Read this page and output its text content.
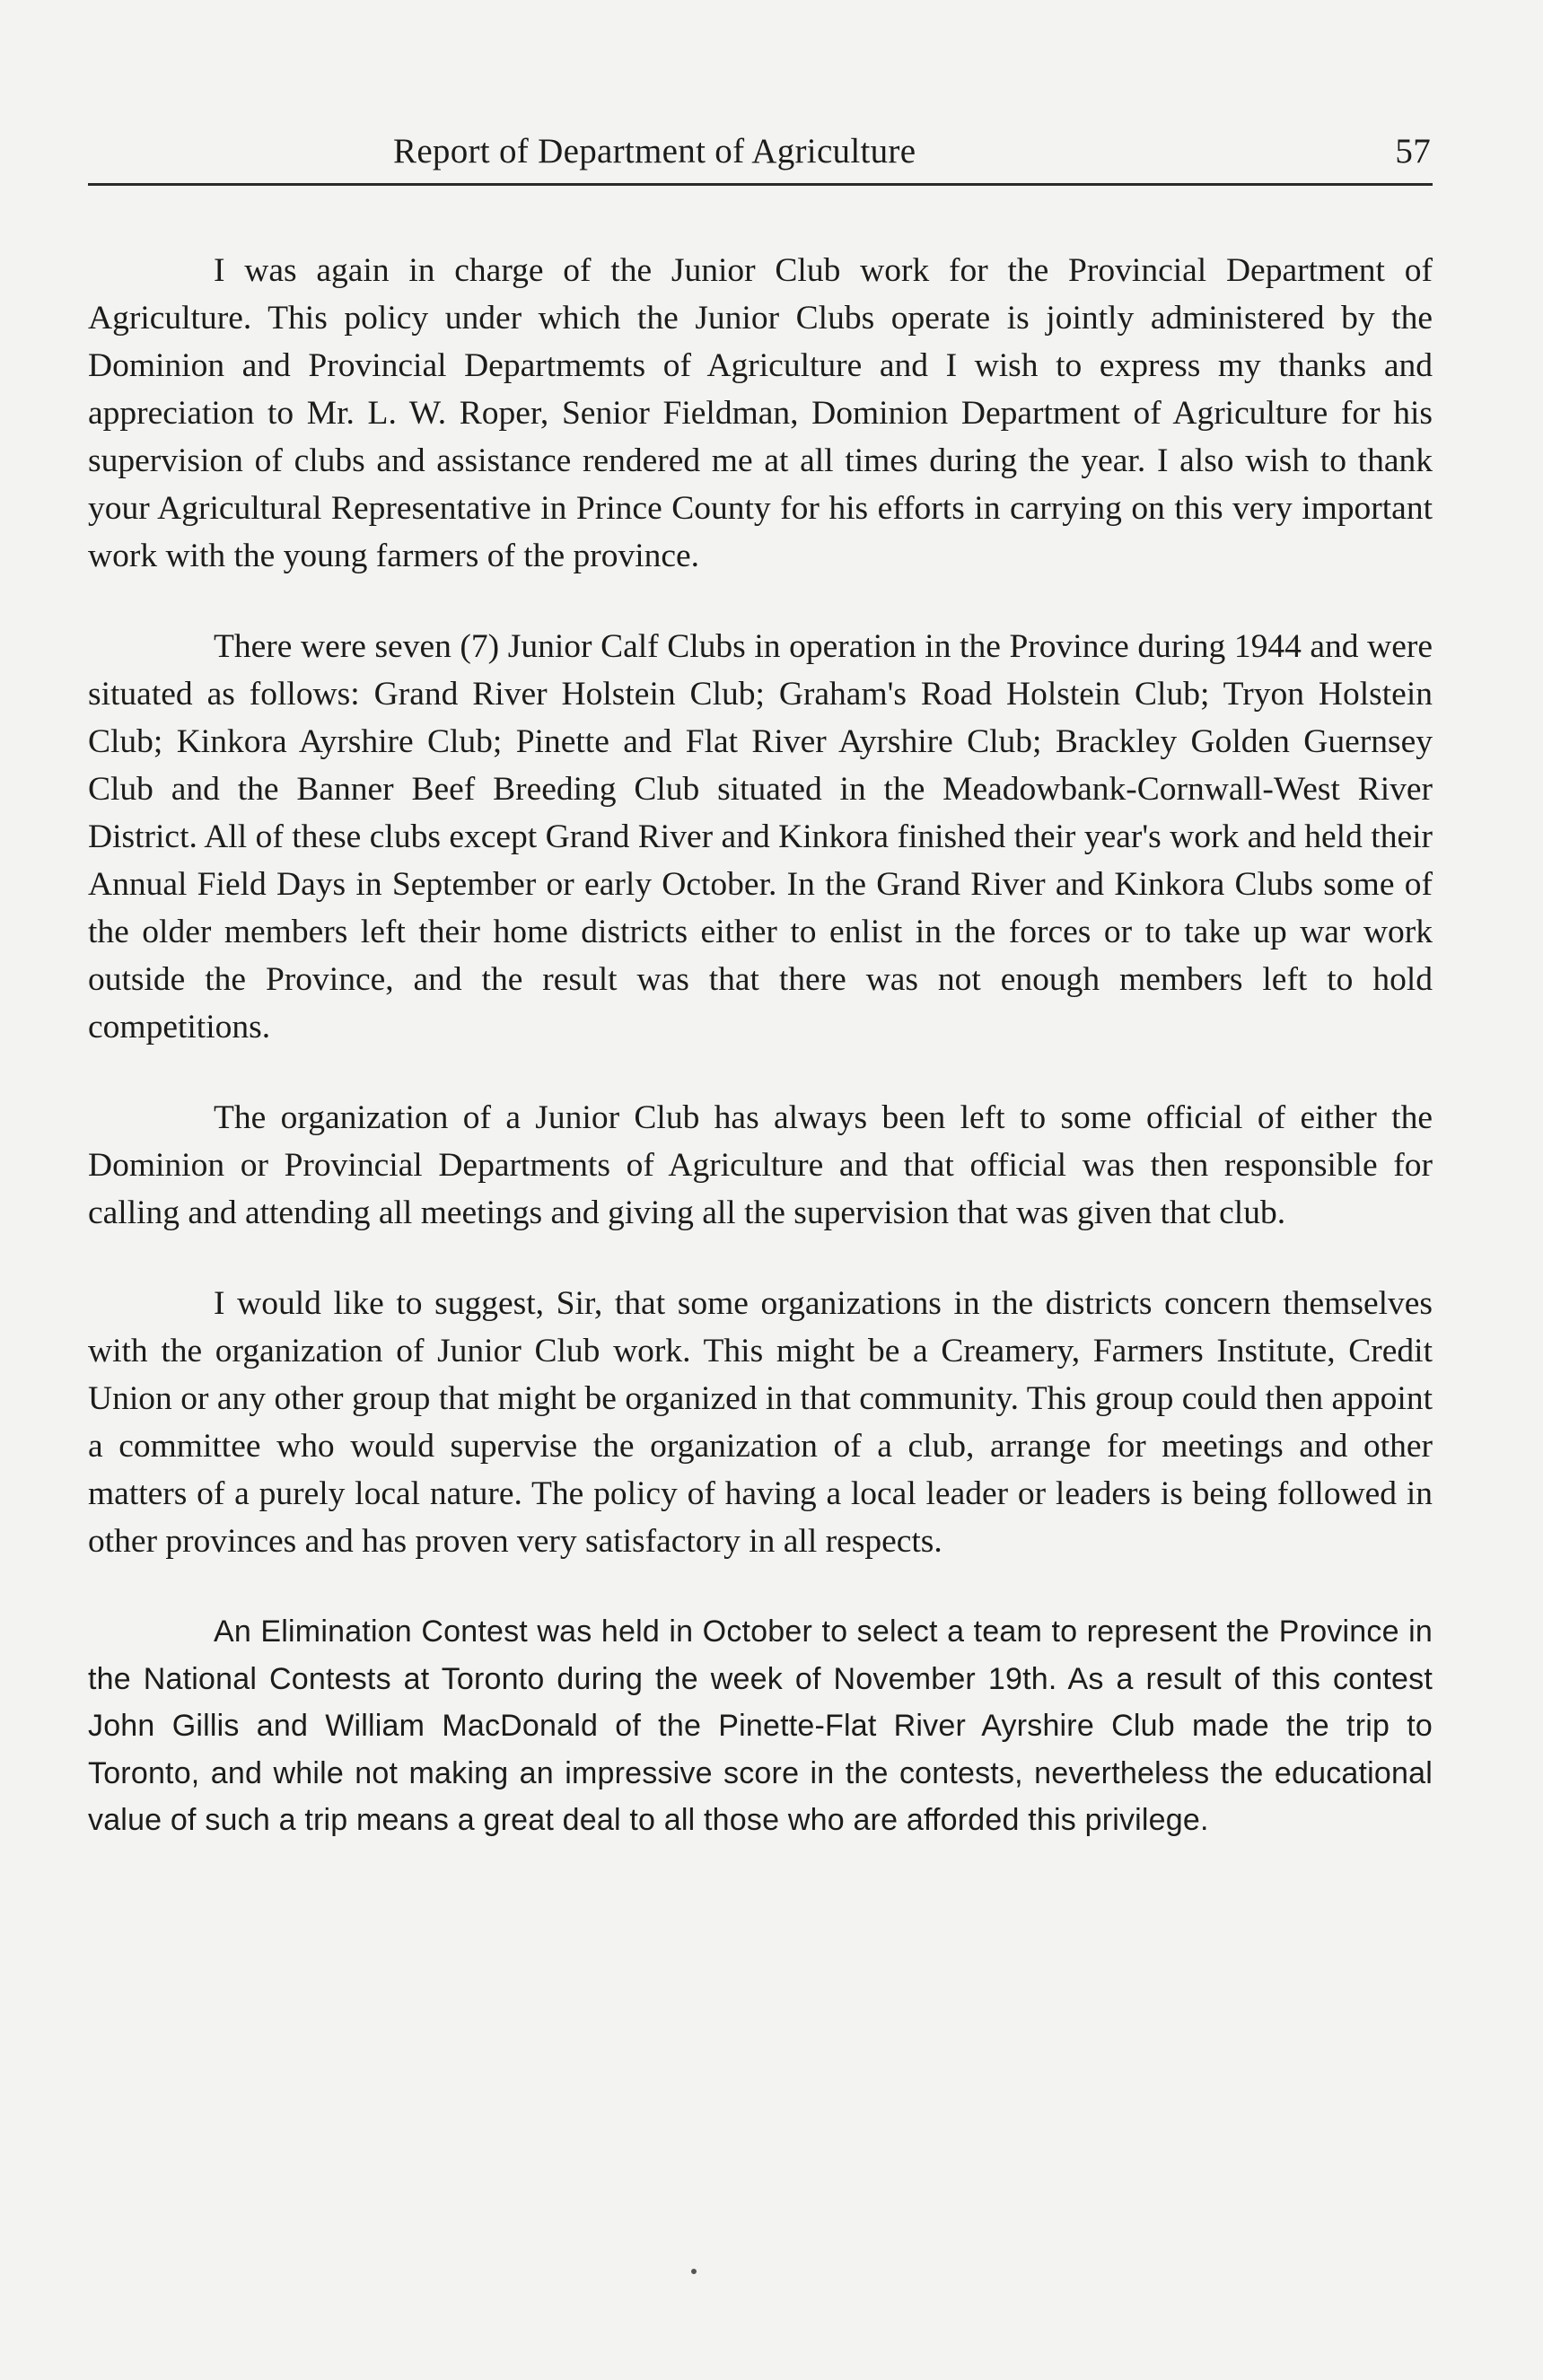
Report of Department of Agriculture	57

I was again in charge of the Junior Club work for the Provincial Department of Agriculture. This policy under which the Junior Clubs operate is jointly administered by the Dominion and Provincial Departmemts of Agriculture and I wish to express my thanks and appreciation to Mr. L. W. Roper, Senior Fieldman, Dominion Department of Agriculture for his supervision of clubs and assistance rendered me at all times during the year. I also wish to thank your Agricultural Representative in Prince County for his efforts in carrying on this very important work with the young farmers of the province.

There were seven (7) Junior Calf Clubs in operation in the Province during 1944 and were situated as follows: Grand River Holstein Club; Graham's Road Holstein Club; Tryon Holstein Club; Kinkora Ayrshire Club; Pinette and Flat River Ayrshire Club; Brackley Golden Guernsey Club and the Banner Beef Breeding Club situated in the Meadowbank-Cornwall-West River District. All of these clubs except Grand River and Kinkora finished their year's work and held their Annual Field Days in September or early October. In the Grand River and Kinkora Clubs some of the older members left their home districts either to enlist in the forces or to take up war work outside the Province, and the result was that there was not enough members left to hold competitions.

The organization of a Junior Club has always been left to some official of either the Dominion or Provincial Departments of Agriculture and that official was then responsible for calling and attending all meetings and giving all the supervision that was given that club.

I would like to suggest, Sir, that some organizations in the districts concern themselves with the organization of Junior Club work. This might be a Creamery, Farmers Institute, Credit Union or any other group that might be organized in that community. This group could then appoint a committee who would supervise the organization of a club, arrange for meetings and other matters of a purely local nature. The policy of having a local leader or leaders is being followed in other provinces and has proven very satisfactory in all respects.

An Elimination Contest was held in October to select a team to represent the Province in the National Contests at Toronto during the week of November 19th. As a result of this contest John Gillis and William MacDonald of the Pinette-Flat River Ayrshire Club made the trip to Toronto, and while not making an impressive score in the contests, nevertheless the educational value of such a trip means a great deal to all those who are afforded this privilege.
